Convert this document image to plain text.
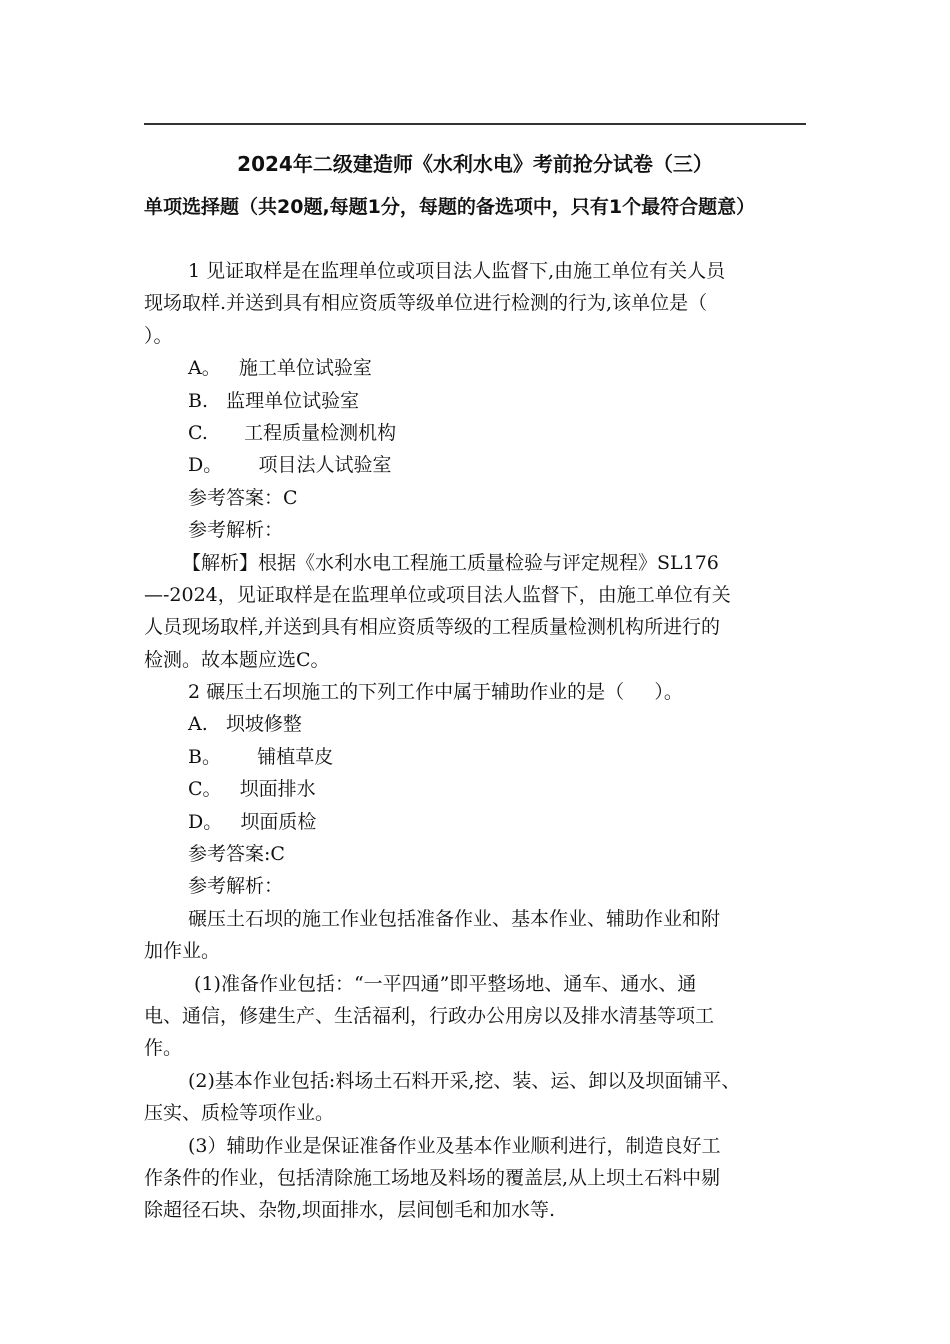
2024年二级建造师《水利水电》考前抢分试卷（三）
单项选择题（共20题,每题1分，每题的备选项中，只有1个最符合题意）
1 见证取样是在监理单位或项目法人监督下,由施工单位有关人员
现场取样.并送到具有相应资质等级单位进行检测的行为,该单位是（
）。
A。   施工单位试验室
B.   监理单位试验室
C.      工程质量检测机构
D。      项目法人试验室
参考答案：C
参考解析：
【解析】根据《水利水电工程施工质量检验与评定规程》SL176
—-2024，见证取样是在监理单位或项目法人监督下，由施工单位有关
人员现场取样,并送到具有相应资质等级的工程质量检测机构所进行的
检测。故本题应选C。
2 碾压土石坝施工的下列工作中属于辅助作业的是（     ）。
A.   坝坡修整
B。      铺植草皮
C。   坝面排水
D。   坝面质检
参考答案:C
参考解析：
碾压土石坝的施工作业包括准备作业、基本作业、辅助作业和附
加作业。
(1)准备作业包括：“一平四通”即平整场地、通车、通水、通
电、通信，修建生产、生活福利，行政办公用房以及排水清基等项工
作。
(2)基本作业包括:料场土石料开采,挖、装、运、卸以及坝面铺平、
压实、质检等项作业。
(3）辅助作业是保证准备作业及基本作业顺利进行，制造良好工
作条件的作业，包括清除施工场地及料场的覆盖层,从上坝土石料中剔
除超径石块、杂物,坝面排水，层间刨毛和加水等.
